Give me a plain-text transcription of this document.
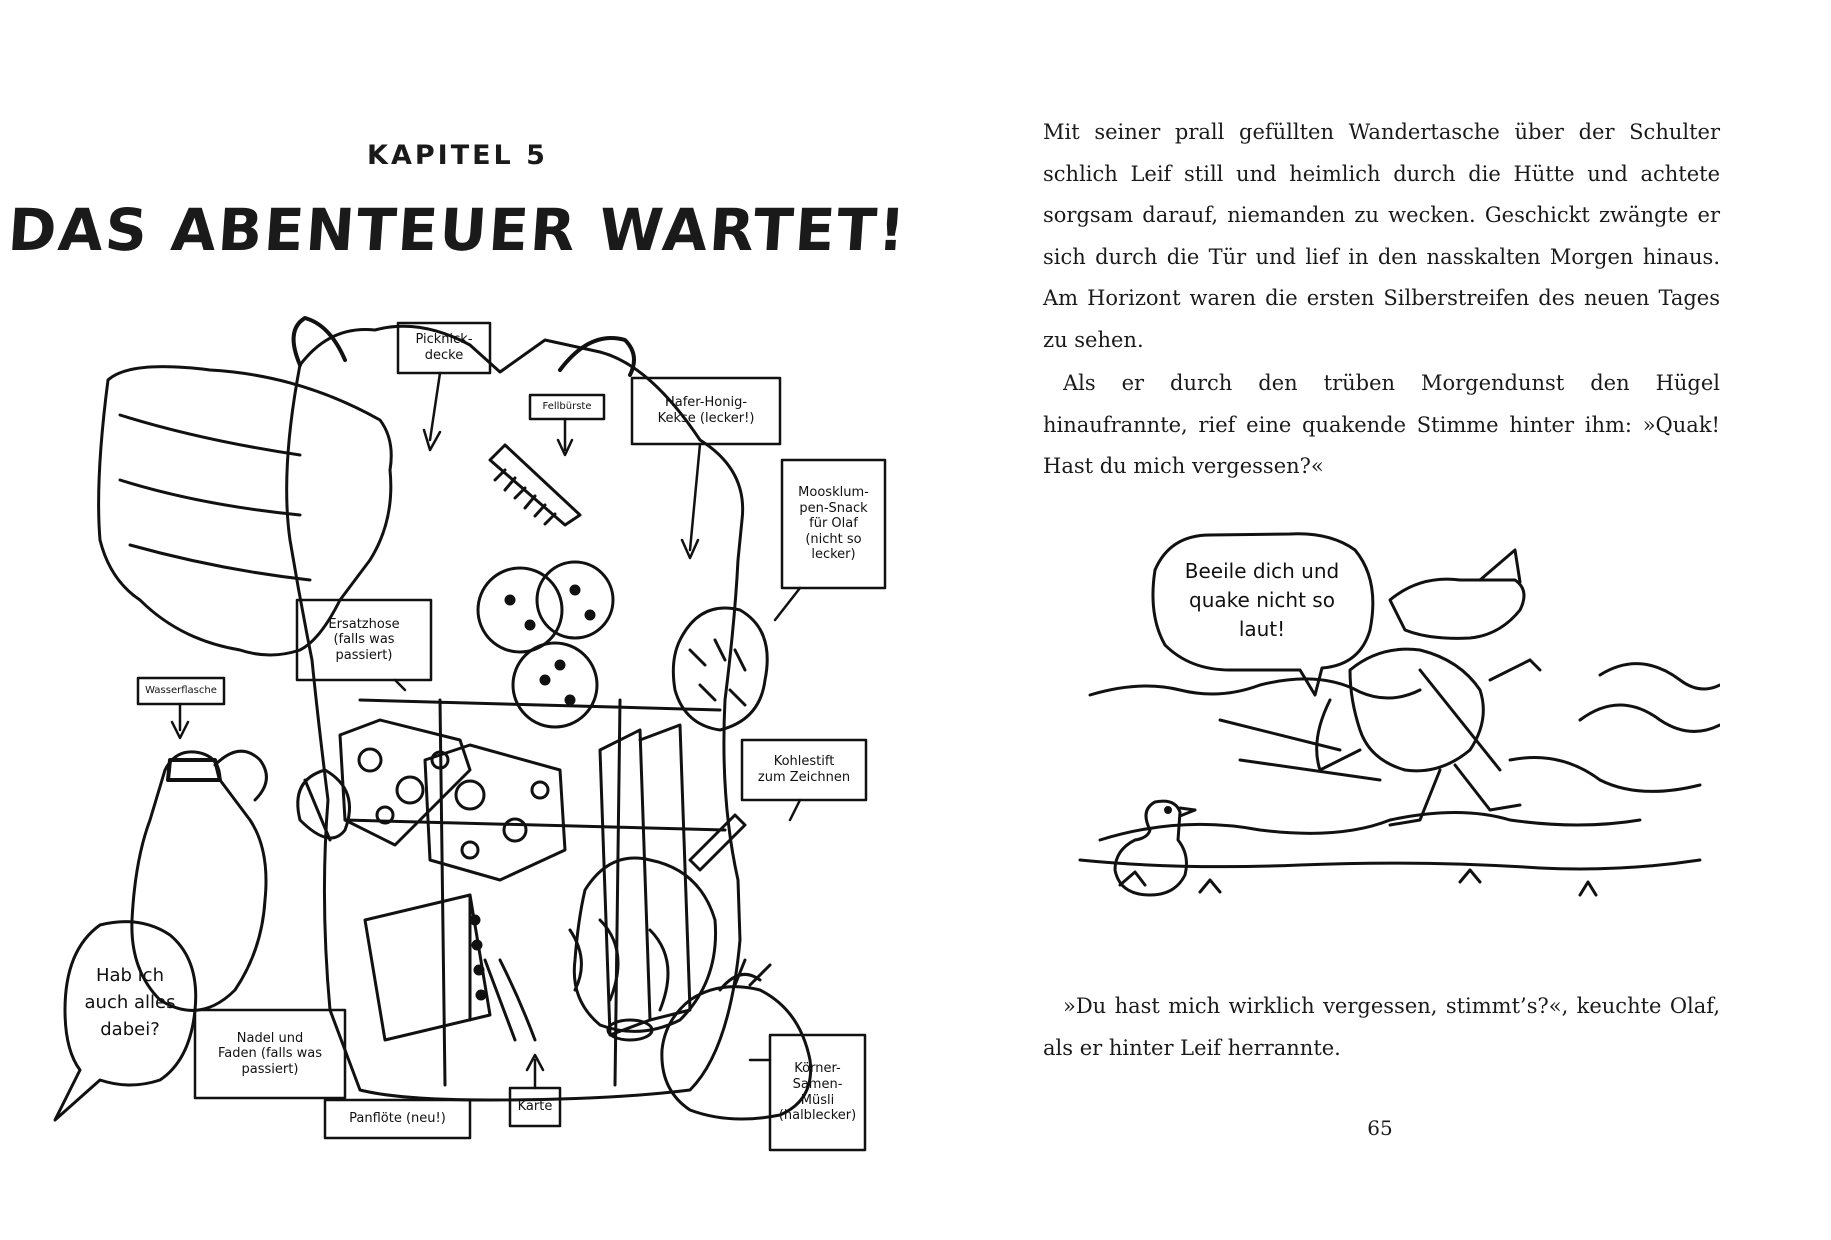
KAPITEL 5
DAS ABENTEUER WARTET!
Picknick-
decke
Fellbürste	Hafer-Honig-
Kekse (lecker!)
Moosklum-
pen-Snack
für Olaf
(nicht so
lecker)
Ersatzhose
(falls was
passiert)
Wasserflasche
Kohlestift
zum Zeichnen
Nadel und
Faden (falls was
passiert)
Panflöte (neu!)
Karte
Körner-
Samen-
Müsli
(halblecker)
Hab ich
auch alles
dabei?

Mit seiner prall gefüllten Wandertasche über der Schulter schlich Leif still und heimlich durch die Hütte und achtete sorgsam darauf, niemanden zu wecken. Geschickt zwängte er sich durch die Tür und lief in den nasskalten Morgen hinaus. Am Horizont waren die ersten Silberstreifen des neuen Tages zu sehen.

Als er durch den trüben Morgendunst den Hügel hinaufrannte, rief eine quakende Stimme hinter ihm: »Quak! Hast du mich vergessen?«

Beeile dich und
quake nicht so
laut!

»Du hast mich wirklich vergessen, stimmt’s?«, keuchte Olaf, als er hinter Leif herrannte.

65
